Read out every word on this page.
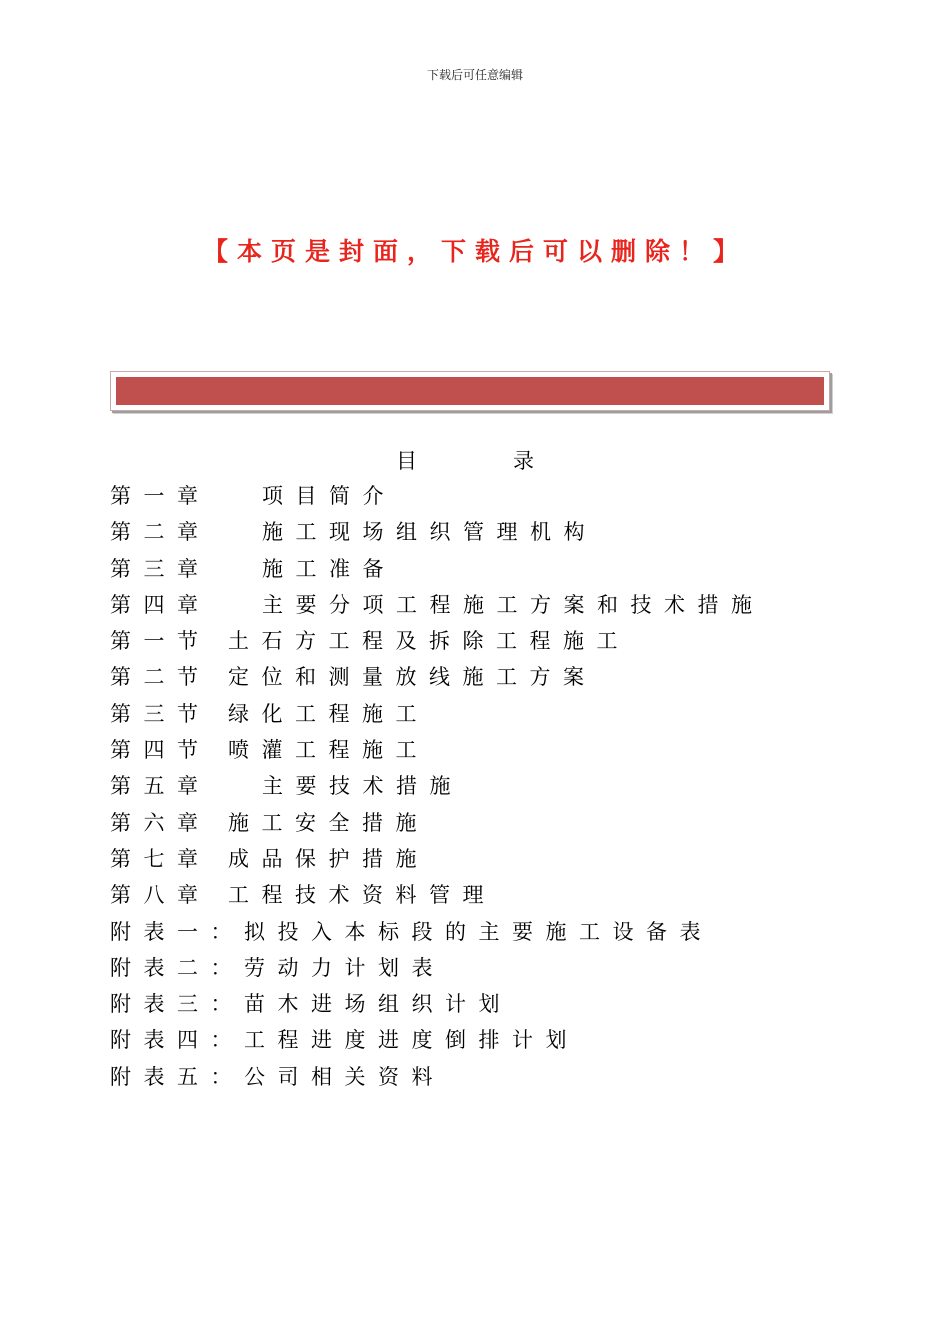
下载后可任意编辑
【本页是封面，下载后可以删除！】
目	录
第一章 项目简介
第二章 施工现场组织管理机构
第三章 施工准备
第四章 主要分项工程施工方案和技术措施
第一节 土石方工程及拆除工程施工
第二节 定位和测量放线施工方案
第三节 绿化工程施工
第四节 喷灌工程施工
第五章 主要技术措施
第六章 施工安全措施
第七章 成品保护措施
第八章 工程技术资料管理
附表一： 拟投入本标段的主要施工设备表
附表二： 劳动力计划表
附表三： 苗木进场组织计划
附表四： 工程进度进度倒排计划
附表五： 公司相关资料
